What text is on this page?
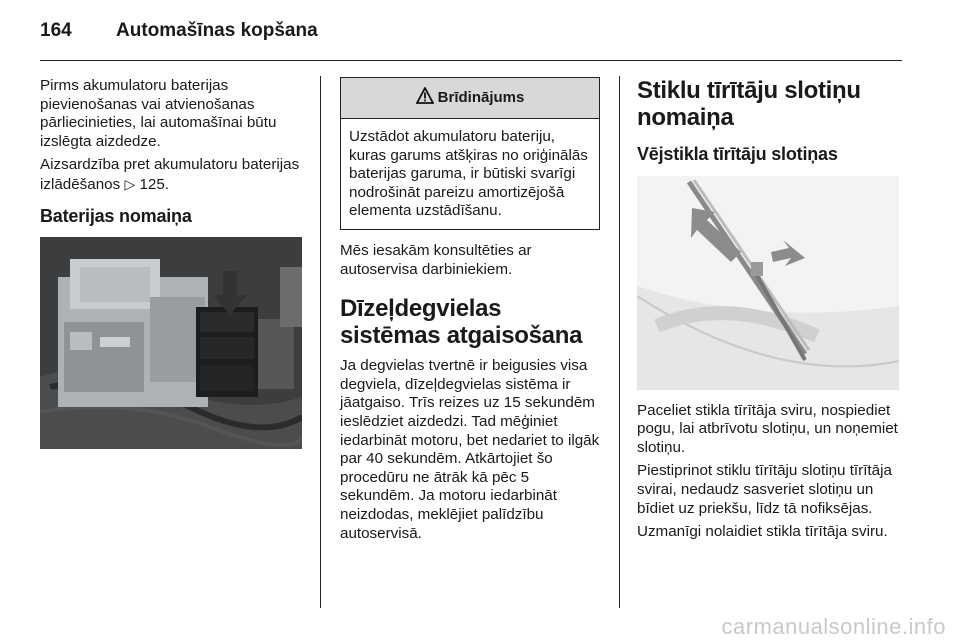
164 Automašīnas kopšana

Pirms akumulatoru baterijas pievienošanas vai atvienošanas pārliecinieties, lai automašīnai būtu izslēgta aizdedze.

Aizsardzība pret akumulatoru baterijas izlādēšanos ▷ 125.

Baterijas nomaiņa
Brīdinājums
Uzstādot akumulatoru bateriju, kuras garums atšķiras no oriģinālās baterijas garuma, ir būtiski svarīgi nodrošināt pareizu amortizējošā elementa uzstādīšanu.

Mēs iesakām konsultēties ar autoservisa darbiniekiem.

Dīzeļdegvielas sistēmas atgaisošana

Ja degvielas tvertnē ir beigusies visa degviela, dīzeļdegvielas sistēma ir jāatgaiso. Trīs reizes uz 15 sekundēm ieslēdziet aizdedzi. Tad mēģiniet iedarbināt motoru, bet nedariet to ilgāk par 40 sekundēm. Atkārtojiet šo procedūru ne ātrāk kā pēc 5 sekundēm. Ja motoru iedarbināt neizdodas, meklējiet palīdzību autoservisā.

Stiklu tīrītāju slotiņu nomaiņa
Vējstikla tīrītāju slotiņas

Paceliet stikla tīrītāja sviru, nospiediet pogu, lai atbrīvotu slotiņu, un noņemiet slotiņu.

Piestiprinot stiklu tīrītāju slotiņu tīrītāja svirai, nedaudz sasveriet slotiņu un bīdiet uz priekšu, līdz tā nofiksējas.

Uzmanīgi nolaidiet stikla tīrītāja sviru.

carmanualsonline.info
